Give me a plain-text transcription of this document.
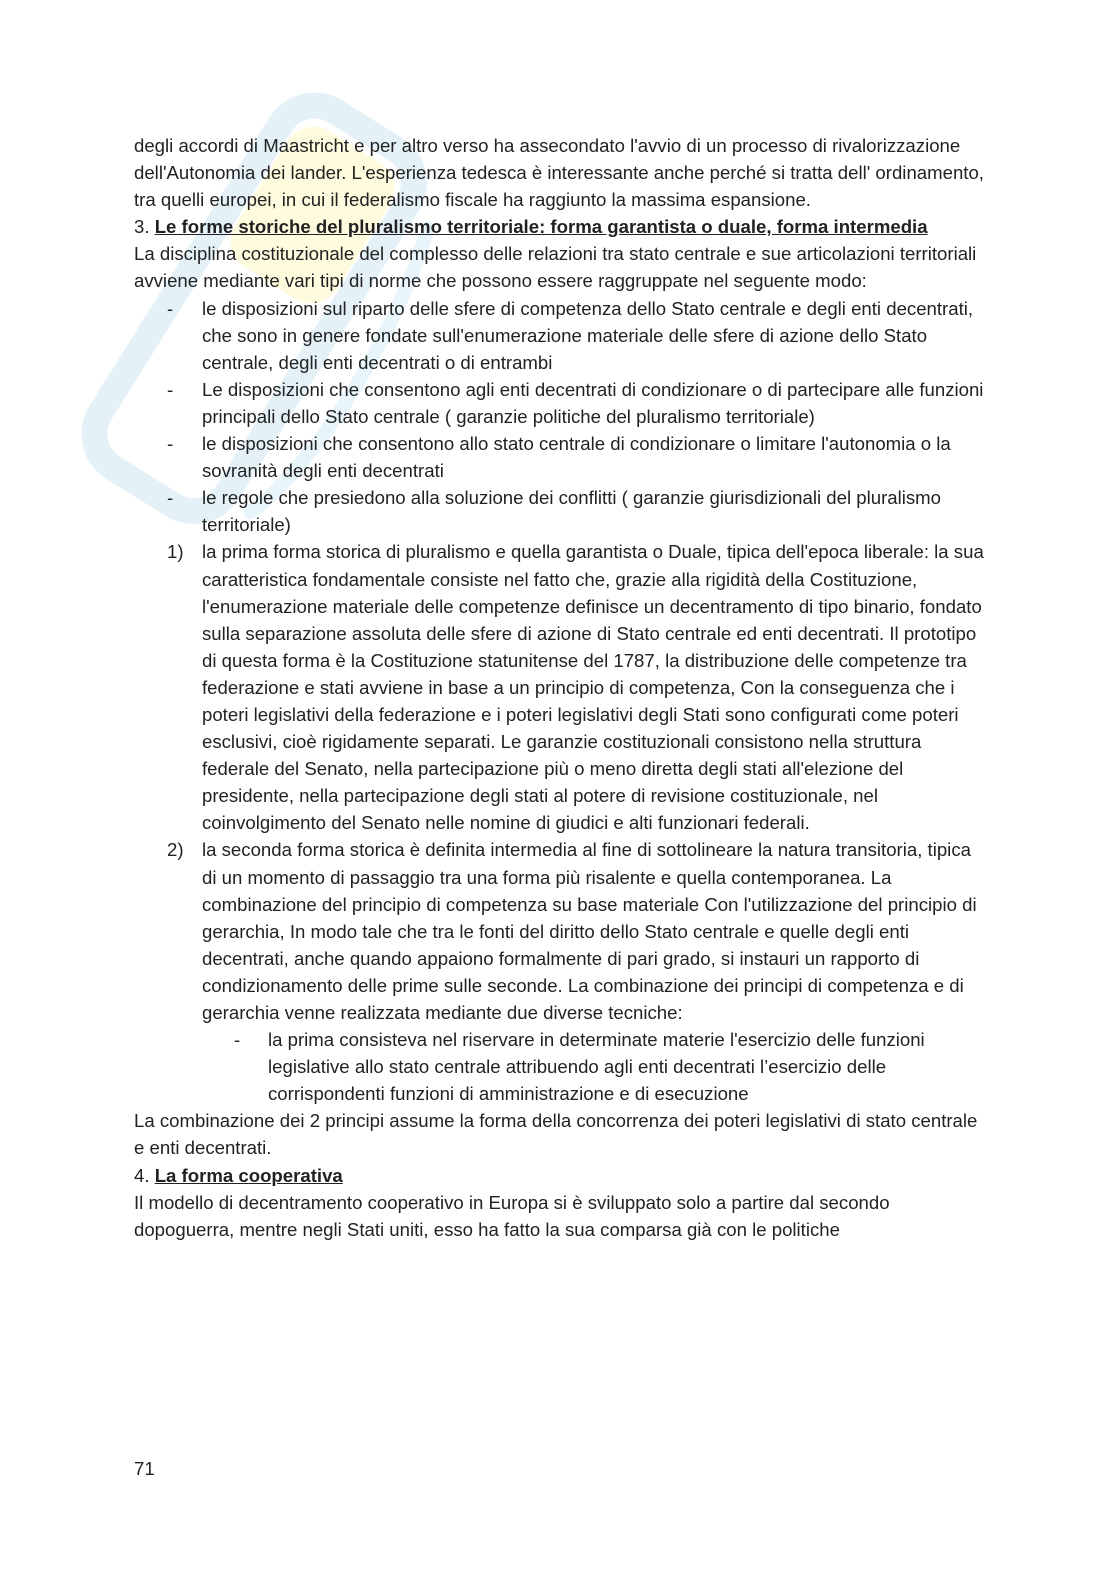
degli accordi di Maastricht e per altro verso ha assecondato l'avvio di un processo di rivalorizzazione dell'Autonomia dei lander. L'esperienza tedesca è interessante anche perché si tratta dell' ordinamento, tra quelli europei, in cui il federalismo fiscale ha raggiunto la massima espansione.

3. Le forme storiche del pluralismo territoriale: forma garantista o duale, forma intermedia

La disciplina costituzionale del complesso delle relazioni tra stato centrale e sue articolazioni territoriali avviene mediante vari tipi di norme che possono essere raggruppate nel seguente modo:

- le disposizioni sul riparto delle sfere di competenza dello Stato centrale e degli enti decentrati, che sono in genere fondate sull'enumerazione materiale delle sfere di azione dello Stato centrale, degli enti decentrati o di entrambi
- Le disposizioni che consentono agli enti decentrati di condizionare o di partecipare alle funzioni principali dello Stato centrale ( garanzie politiche del pluralismo territoriale)
- le disposizioni che consentono allo stato centrale di condizionare o limitare l'autonomia o la sovranità degli enti decentrati
- le regole che presiedono alla soluzione dei conflitti ( garanzie giurisdizionali del pluralismo territoriale)
1) la prima forma storica di pluralismo e quella garantista o Duale, tipica dell'epoca liberale: la sua caratteristica fondamentale consiste nel fatto che, grazie alla rigidità della Costituzione, l'enumerazione materiale delle competenze definisce un decentramento di tipo binario, fondato sulla separazione assoluta delle sfere di azione di Stato centrale ed enti decentrati. Il prototipo di questa forma è la Costituzione statunitense del 1787, la distribuzione delle competenze tra federazione e stati avviene in base a un principio di competenza, Con la conseguenza che i poteri legislativi della federazione e i poteri legislativi degli Stati sono configurati come poteri esclusivi, cioè rigidamente separati. Le garanzie costituzionali consistono nella struttura federale del Senato, nella partecipazione più o meno diretta degli stati all'elezione del presidente, nella partecipazione degli stati al potere di revisione costituzionale, nel coinvolgimento del Senato nelle nomine di giudici e alti funzionari federali.
2) la seconda forma storica è definita intermedia al fine di sottolineare la natura transitoria, tipica di un momento di passaggio tra una forma più risalente e quella contemporanea. La combinazione del principio di competenza su base materiale Con l'utilizzazione del principio di gerarchia, In modo tale che tra le fonti del diritto dello Stato centrale e quelle degli enti decentrati, anche quando appaiono formalmente di pari grado, si instauri un rapporto di condizionamento delle prime sulle seconde. La combinazione dei principi di competenza e di gerarchia venne realizzata mediante due diverse tecniche:
- la prima consisteva nel riservare in determinate materie l'esercizio delle funzioni legislative allo stato centrale attribuendo agli enti decentrati l’esercizio delle corrispondenti funzioni di amministrazione e di esecuzione

La combinazione dei 2 principi assume la forma della concorrenza dei poteri legislativi di stato centrale e enti decentrati.

4. La forma cooperativa

Il modello di decentramento cooperativo in Europa si è sviluppato solo a partire dal secondo dopoguerra, mentre negli Stati uniti, esso ha fatto la sua comparsa già con le politiche

71
